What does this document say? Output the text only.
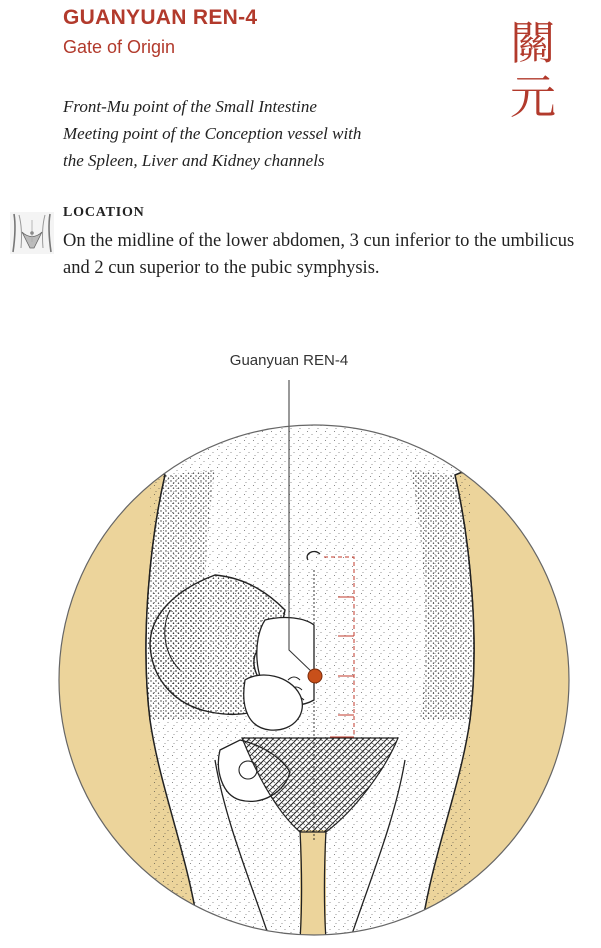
GUANYUAN REN-4
Gate of Origin	關
元
Front-Mu point of the Small Intestine
Meeting point of the Conception vessel with
the Spleen, Liver and Kidney channels
LOCATION
On the midline of the lower abdomen, 3 cun inferior to the umbilicus and 2 cun superior to the pubic symphysis.
Guanyuan REN-4
